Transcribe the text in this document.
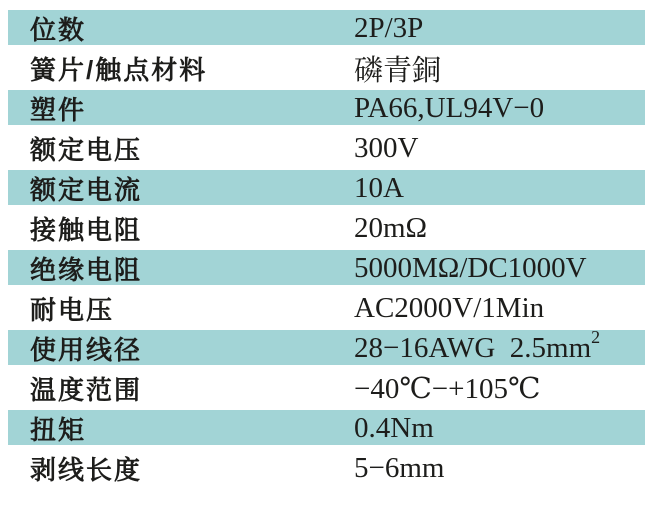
位数	2P/3P
簧片/触点材料	磷青銅
塑件	PA66,UL94V−0
额定电压	300V
额定电流	10A
接触电阻	20mΩ
绝缘电阻	5000MΩ/DC1000V
耐电压	AC2000V/1Min
使用线径	28−16AWG  $2.5mm^2$
温度范围	−40℃−+105℃
扭矩	0.4Nm
剥线长度	5−6mm
